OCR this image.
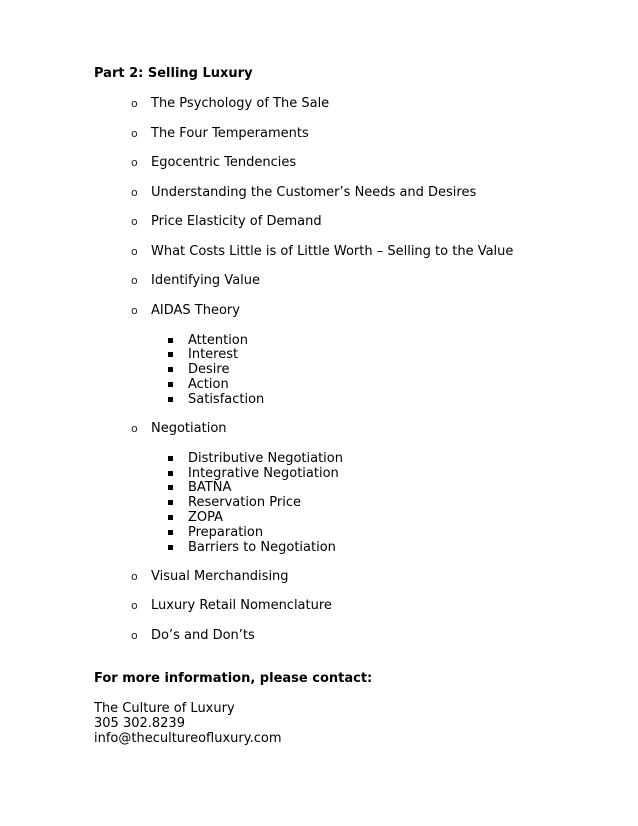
Part 2: Selling Luxury
o The Psychology of The Sale
o The Four Temperaments
o Egocentric Tendencies
o Understanding the Customer’s Needs and Desires
o Price Elasticity of Demand
o What Costs Little is of Little Worth – Selling to the Value
o Identifying Value
o AIDAS Theory
Attention
Interest
Desire
Action
Satisfaction
o Negotiation
Distributive Negotiation
Integrative Negotiation
BATNA
Reservation Price
ZOPA
Preparation
Barriers to Negotiation
o Visual Merchandising
o Luxury Retail Nomenclature
o Do’s and Don’ts
For more information, please contact:
The Culture of Luxury
305 302.8239
info@thecultureofluxury.com
